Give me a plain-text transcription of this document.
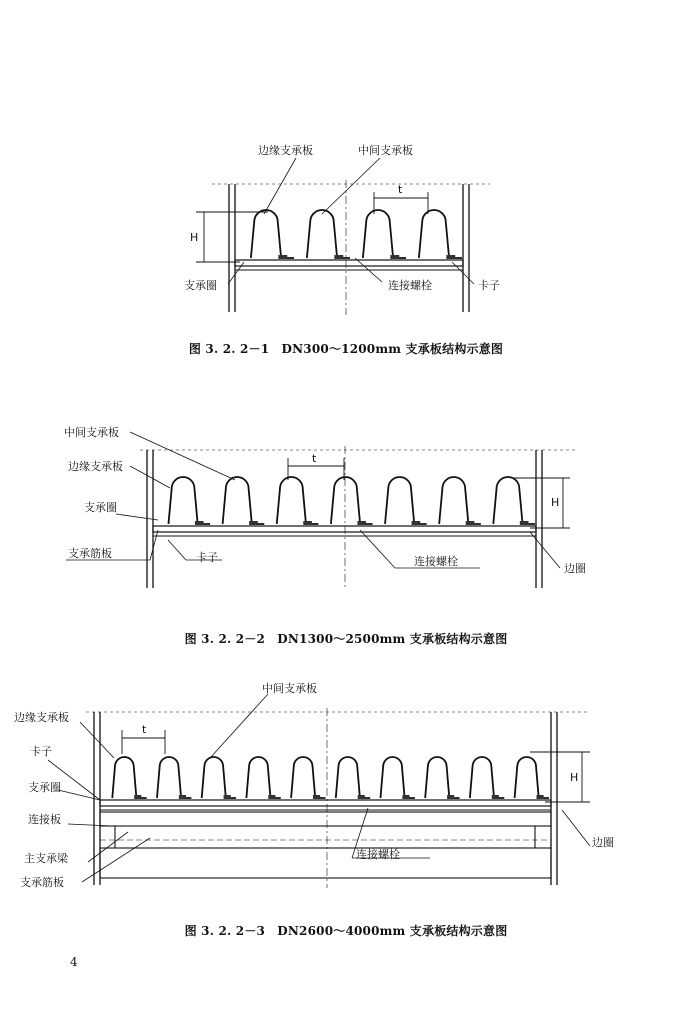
边缘支承板	中间支承板
t
H
支承圈	连接螺栓	卡子
图 3. 2. 2－1　DN300～1200mm 支承板结构示意图
中间支承板
边缘支承板
支承圈
支承筋板	卡子	连接螺栓
边圈
t
H
图 3. 2. 2－2　DN1300～2500mm 支承板结构示意图
中间支承板
边缘支承板
卡子
支承圈
连接板
主支承梁
支承筋板
边圈
连接螺栓
t
H
图 3. 2. 2－3　DN2600～4000mm 支承板结构示意图
4
